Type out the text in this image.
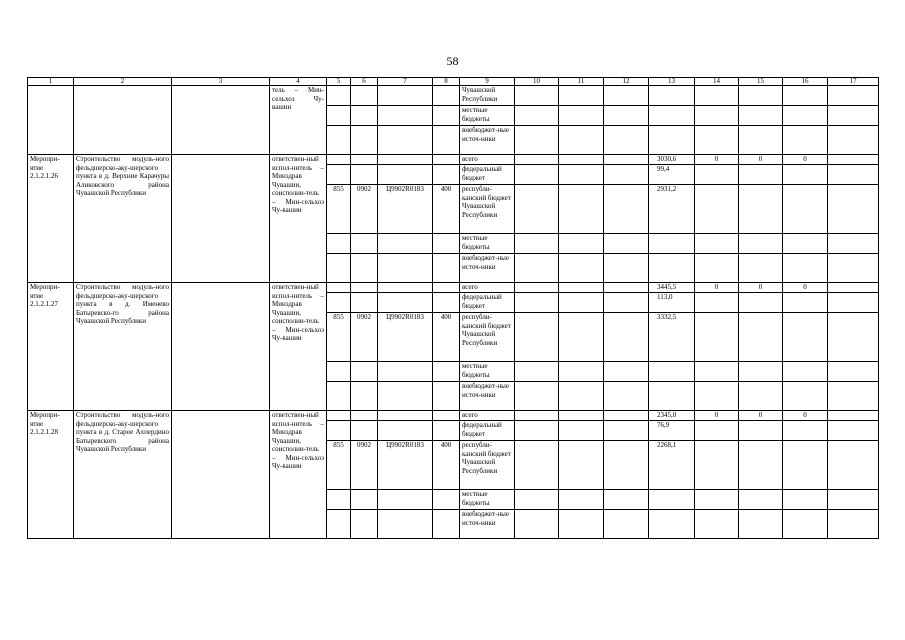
58
1	2	3	4	5	6	7	8	9	10	11	12	13	14	15	16	17
			тель – Мин-сельхоз Чу-вашии					Чувашской Республики								
								местные бюджеты								
								внебюджет-ные источ-ники								
Меропри-ятие 2.1.2.1.26	Строительство модуль-ного фельдшерско-аку-шерского пункта в д. Верхние Карачуры Аликовского района Чувашской Республики		ответствен-ный испол-нитель – Минздрав Чувашии, соисполни-тель – Мин-сельхоз Чу-вашии					всего				3030,6	0	0	0	
								федеральный бюджет				99,4				
				855	0902	Ц9902R0183	400	республи-канский бюджет Чувашской Республики				2931,2				
								местные бюджеты								
								внебюджет-ные источ-ники								
Меропри-ятие 2.1.2.1.27	Строительство модуль-ного фельдшерско-аку-шерского пункта в д. Именево Батыревско-го района Чувашской Республики		ответствен-ный испол-нитель – Минздрав Чувашии, соисполни-тель – Мин-сельхоз Чу-вашии					всего				3445,5	0	0	0	
								федеральный бюджет				113,0				
				855	0902	Ц9902R0183	400	республи-канский бюджет Чувашской Республики				3332,5				
								местные бюджеты								
								внебюджет-ные источ-ники								
Меропри-ятие 2.1.2.1.28	Строительство модуль-ного фельдшерско-аку-шерского пункта в д. Старое Ахпердино Батыревского района Чувашской Республики		ответствен-ный испол-нитель – Минздрав Чувашии, соисполни-тель – Мин-сельхоз Чу-вашии					всего				2345,0	0	0	0	
								федеральный бюджет				76,9				
				855	0902	Ц9902R0183	400	республи-канский бюджет Чувашской Республики				2268,1				
								местные бюджеты								
								внебюджет-ные источ-ники								
